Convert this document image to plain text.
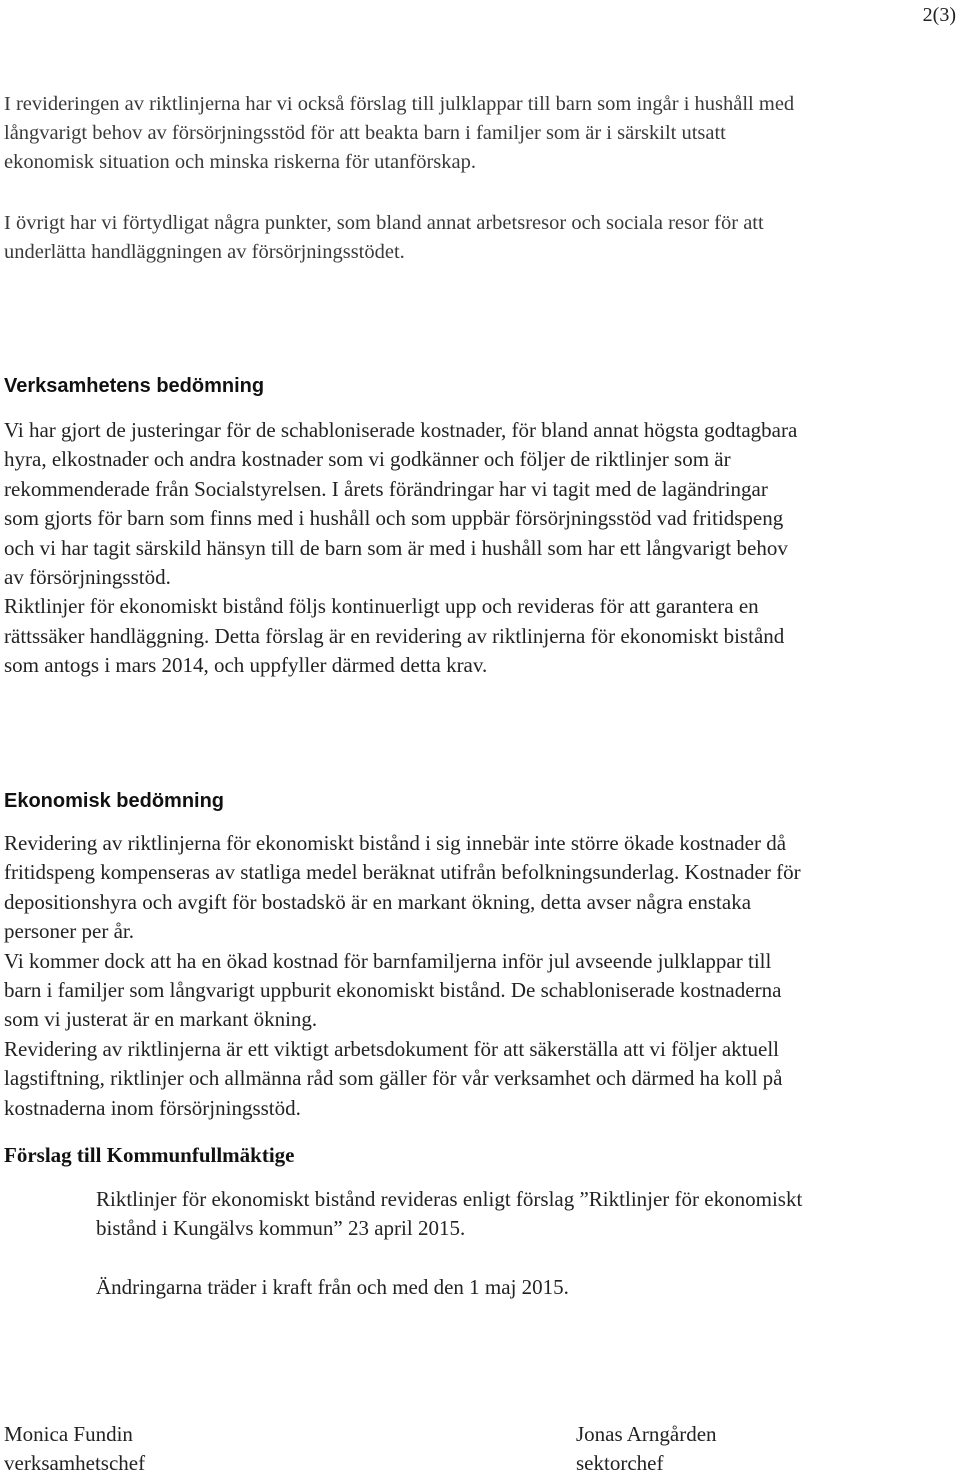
2(3)
I revideringen av riktlinjerna har vi också förslag till julklappar till barn som ingår i hushåll med
långvarigt behov av försörjningsstöd för att beakta barn i familjer som är i särskilt utsatt
ekonomisk situation och minska riskerna för utanförskap.
I övrigt har vi förtydligat några punkter, som bland annat arbetsresor och sociala resor för att
underlätta handläggningen av försörjningsstödet.
Verksamhetens bedömning
Vi har gjort de justeringar för de schabloniserade kostnader, för bland annat högsta godtagbara
hyra, elkostnader och andra kostnader som vi godkänner och följer de riktlinjer som är
rekommenderade från Socialstyrelsen. I årets förändringar har vi tagit med de lagändringar
som gjorts för barn som finns med i hushåll och som uppbär försörjningsstöd vad fritidspeng
och vi har tagit särskild hänsyn till de barn som är med i hushåll som har ett långvarigt behov
av försörjningsstöd.
Riktlinjer för ekonomiskt bistånd följs kontinuerligt upp och revideras för att garantera en
rättssäker handläggning. Detta förslag är en revidering av riktlinjerna för ekonomiskt bistånd
som antogs i mars 2014, och uppfyller därmed detta krav.
Ekonomisk bedömning
Revidering av riktlinjerna för ekonomiskt bistånd i sig innebär inte större ökade kostnader då
fritidspeng kompenseras av statliga medel beräknat utifrån befolkningsunderlag. Kostnader för
depositionshyra och avgift för bostadskö är en markant ökning, detta avser några enstaka
personer per år.
Vi kommer dock att ha en ökad kostnad för barnfamiljerna inför jul avseende julklappar till
barn i familjer som långvarigt uppburit ekonomiskt bistånd. De schabloniserade kostnaderna
som vi justerat är en markant ökning.
Revidering av riktlinjerna är ett viktigt arbetsdokument för att säkerställa att vi följer aktuell
lagstiftning, riktlinjer och allmänna råd som gäller för vår verksamhet och därmed ha koll på
kostnaderna inom försörjningsstöd.
Förslag till Kommunfullmäktige
Riktlinjer för ekonomiskt bistånd revideras enligt förslag ”Riktlinjer för ekonomiskt
bistånd i Kungälvs kommun” 23 april 2015.
Ändringarna träder i kraft från och med den 1 maj 2015.
Monica Fundin
verksamhetschef
Jonas Arngården
sektorchef
